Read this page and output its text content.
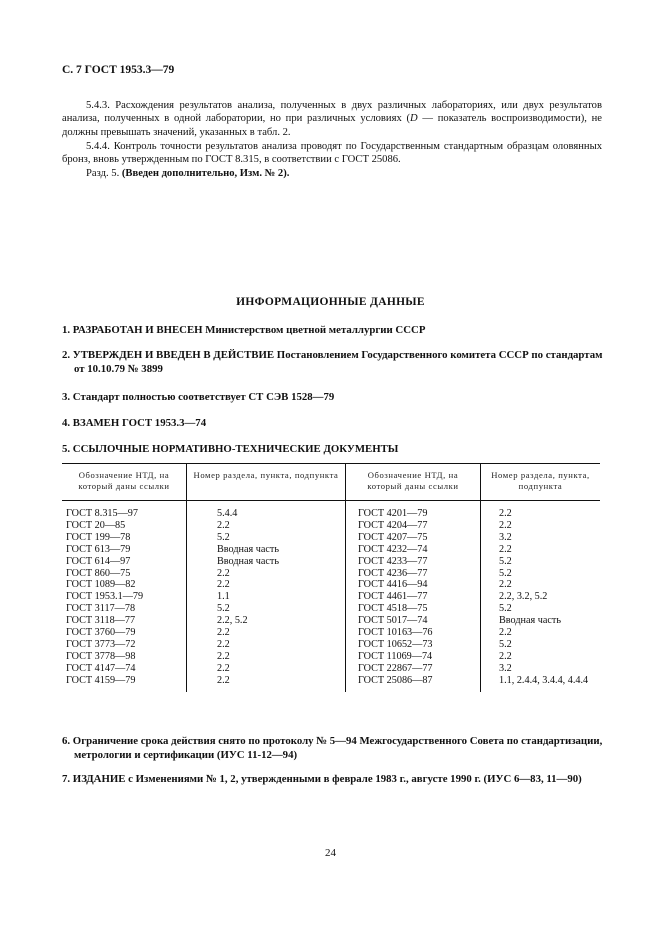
С. 7 ГОСТ 1953.3—79
5.4.3. Расхождения результатов анализа, полученных в двух различных лабораториях, или двух результатов анализа, полученных в одной лаборатории, но при различных условиях (D — показатель воспроизводимости), не должны превышать значений, указанных в табл. 2.
5.4.4. Контроль точности результатов анализа проводят по Государственным стандартным образцам оловянных бронз, вновь утвержденным по ГОСТ 8.315, в соответствии с ГОСТ 25086.
Разд. 5. (Введен дополнительно, Изм. № 2).
ИНФОРМАЦИОННЫЕ ДАННЫЕ
1. РАЗРАБОТАН И ВНЕСЕН Министерством цветной металлургии СССР
2. УТВЕРЖДЕН И ВВЕДЕН В ДЕЙСТВИЕ Постановлением Государственного комитета СССР по стандартам от 10.10.79 № 3899
3. Стандарт полностью соответствует СТ СЭВ 1528—79
4. ВЗАМЕН ГОСТ 1953.3—74
5. ССЫЛОЧНЫЕ НОРМАТИВНО-ТЕХНИЧЕСКИЕ ДОКУМЕНТЫ
Обозначение НТД, на который даны ссылки	Номер раздела, пункта, подпункта	Обозначение НТД, на который даны ссылки	Номер раздела, пункта, подпункта
ГОСТ 8.315—97	5.4.4	ГОСТ 4201—79	2.2
ГОСТ 20—85	2.2	ГОСТ 4204—77	2.2
ГОСТ 199—78	5.2	ГОСТ 4207—75	3.2
ГОСТ 613—79	Вводная часть	ГОСТ 4232—74	2.2
ГОСТ 614—97	Вводная часть	ГОСТ 4233—77	5.2
ГОСТ 860—75	2.2	ГОСТ 4236—77	5.2
ГОСТ 1089—82	2.2	ГОСТ 4416—94	2.2
ГОСТ 1953.1—79	1.1	ГОСТ 4461—77	2.2, 3.2, 5.2
ГОСТ 3117—78	5.2	ГОСТ 4518—75	5.2
ГОСТ 3118—77	2.2, 5.2	ГОСТ 5017—74	Вводная часть
ГОСТ 3760—79	2.2	ГОСТ 10163—76	2.2
ГОСТ 3773—72	2.2	ГОСТ 10652—73	5.2
ГОСТ 3778—98	2.2	ГОСТ 11069—74	2.2
ГОСТ 4147—74	2.2	ГОСТ 22867—77	3.2
ГОСТ 4159—79	2.2	ГОСТ 25086—87	1.1, 2.4.4, 3.4.4, 4.4.4
6. Ограничение срока действия снято по протоколу № 5—94 Межгосударственного Совета по стандартизации, метрологии и сертификации (ИУС 11-12—94)
7. ИЗДАНИЕ с Изменениями № 1, 2, утвержденными в феврале 1983 г., августе 1990 г. (ИУС 6—83, 11—90)
24
